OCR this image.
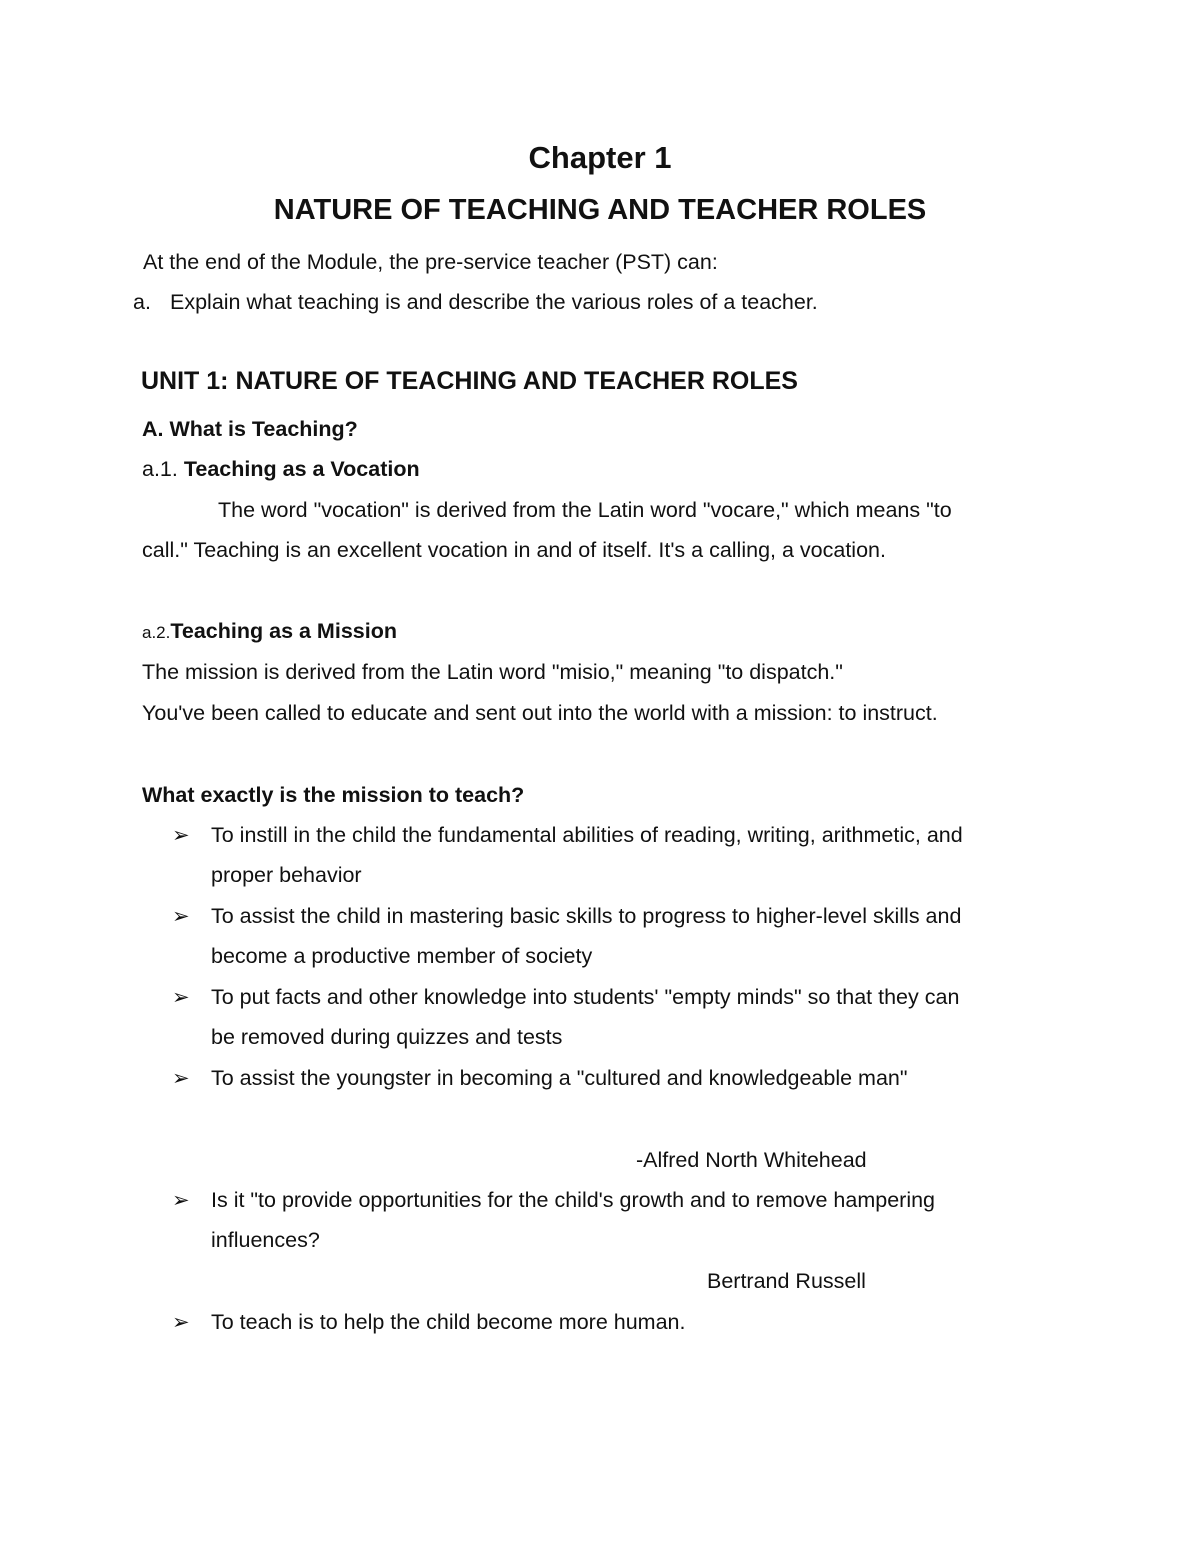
Chapter 1
NATURE OF TEACHING AND TEACHER ROLES
At the end of the Module, the pre-service teacher (PST) can:
a. Explain what teaching is and describe the various roles of a teacher.
UNIT 1: NATURE OF TEACHING AND TEACHER ROLES
A. What is Teaching?
a.1. Teaching as a Vocation
The word "vocation" is derived from the Latin word "vocare," which means "to
call." Teaching is an excellent vocation in and of itself. It's a calling, a vocation.
a.2.Teaching as a Mission
The mission is derived from the Latin word "misio," meaning "to dispatch."
You've been called to educate and sent out into the world with a mission: to instruct.
What exactly is the mission to teach?
➢ To instill in the child the fundamental abilities of reading, writing, arithmetic, and
proper behavior
➢ To assist the child in mastering basic skills to progress to higher-level skills and
become a productive member of society
➢ To put facts and other knowledge into students' "empty minds" so that they can
be removed during quizzes and tests
➢ To assist the youngster in becoming a "cultured and knowledgeable man"
-Alfred North Whitehead
➢ Is it "to provide opportunities for the child's growth and to remove hampering
influences?
Bertrand Russell
➢ To teach is to help the child become more human.
